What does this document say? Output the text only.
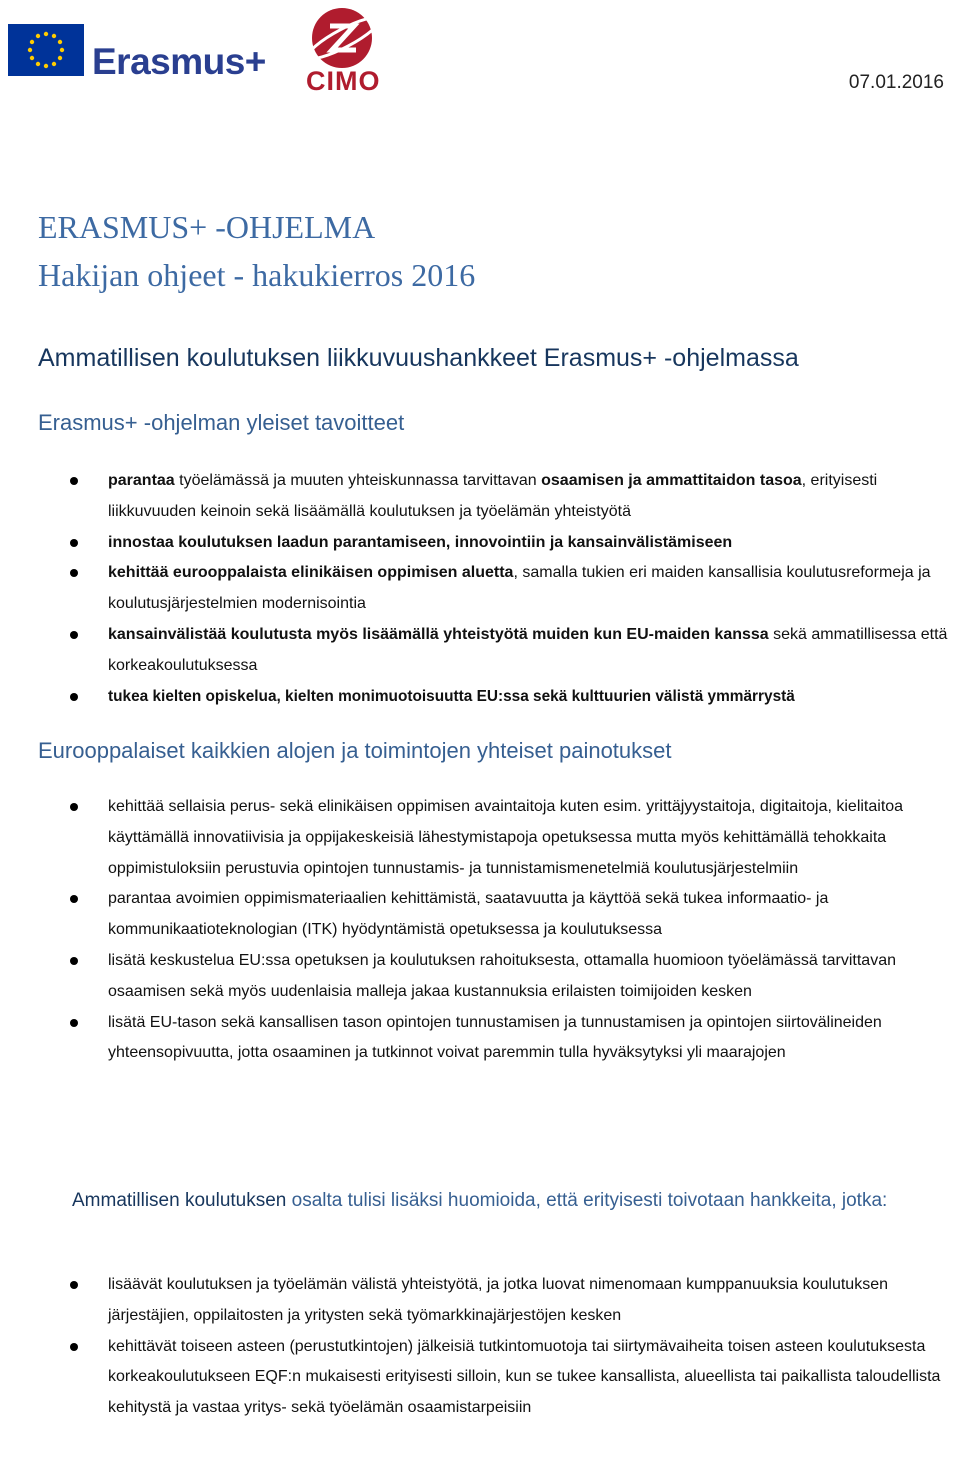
Erasmus+ CIMO	07.01.2016
ERASMUS+ -OHJELMA
Hakijan ohjeet - hakukierros 2016
Ammatillisen koulutuksen liikkuvuushankkeet Erasmus+ -ohjelmassa
Erasmus+ -ohjelman yleiset tavoitteet
parantaa työelämässä ja muuten yhteiskunnassa tarvittavan osaamisen ja ammattitaidon tasoa, erityisesti liikkuvuuden keinoin sekä lisäämällä koulutuksen ja työelämän yhteistyötä
innostaa koulutuksen laadun parantamiseen, innovointiin ja kansainvälistämiseen
kehittää eurooppalaista elinikäisen oppimisen aluetta, samalla tukien eri maiden kansallisia koulutusreformeja ja koulutusjärjestelmien modernisointia
kansainvälistää koulutusta myös lisäämällä yhteistyötä muiden kun EU-maiden kanssa sekä ammatillisessa että korkeakoulutuksessa
tukea kielten opiskelua, kielten monimuotoisuutta EU:ssa sekä kulttuurien välistä ymmärrystä
Eurooppalaiset kaikkien alojen ja toimintojen yhteiset painotukset
kehittää sellaisia perus- sekä elinikäisen oppimisen avaintaitoja kuten esim. yrittäjyystaitoja, digitaitoja, kielitaitoa käyttämällä innovatiivisia ja oppijakeskeisiä lähestymistapoja opetuksessa mutta myös kehittämällä tehokkaita oppimistuloksiin perustuvia opintojen tunnustamis- ja tunnistamismenetelmiä koulutusjärjestelmiin
parantaa avoimien oppimismateriaalien kehittämistä, saatavuutta ja käyttöä sekä tukea informaatio- ja kommunikaatioteknologian (ITK) hyödyntämistä opetuksessa ja koulutuksessa
lisätä keskustelua EU:ssa opetuksen ja koulutuksen rahoituksesta, ottamalla huomioon työelämässä tarvittavan osaamisen sekä myös uudenlaisia malleja jakaa kustannuksia erilaisten toimijoiden kesken
lisätä EU-tason sekä kansallisen tason opintojen tunnustamisen ja tunnustamisen ja opintojen siirtovälineiden yhteensopivuutta, jotta osaaminen ja tutkinnot voivat paremmin tulla hyväksytyksi yli maarajojen
Ammatillisen koulutuksen osalta tulisi lisäksi huomioida, että erityisesti toivotaan hankkeita, jotka:
lisäävät koulutuksen ja työelämän välistä yhteistyötä, ja jotka luovat nimenomaan kumppanuuksia koulutuksen järjestäjien, oppilaitosten ja yritysten sekä työmarkkinajärjestöjen kesken
kehittävät toiseen asteen (perustutkintojen) jälkeisiä tutkintomuotoja tai siirtymävaiheita toisen asteen koulutuksesta korkeakoulutukseen EQF:n mukaisesti erityisesti silloin, kun se tukee kansallista, alueellista tai paikallista taloudellista kehitystä ja vastaa yritys- sekä työelämän osaamistarpeisiin
